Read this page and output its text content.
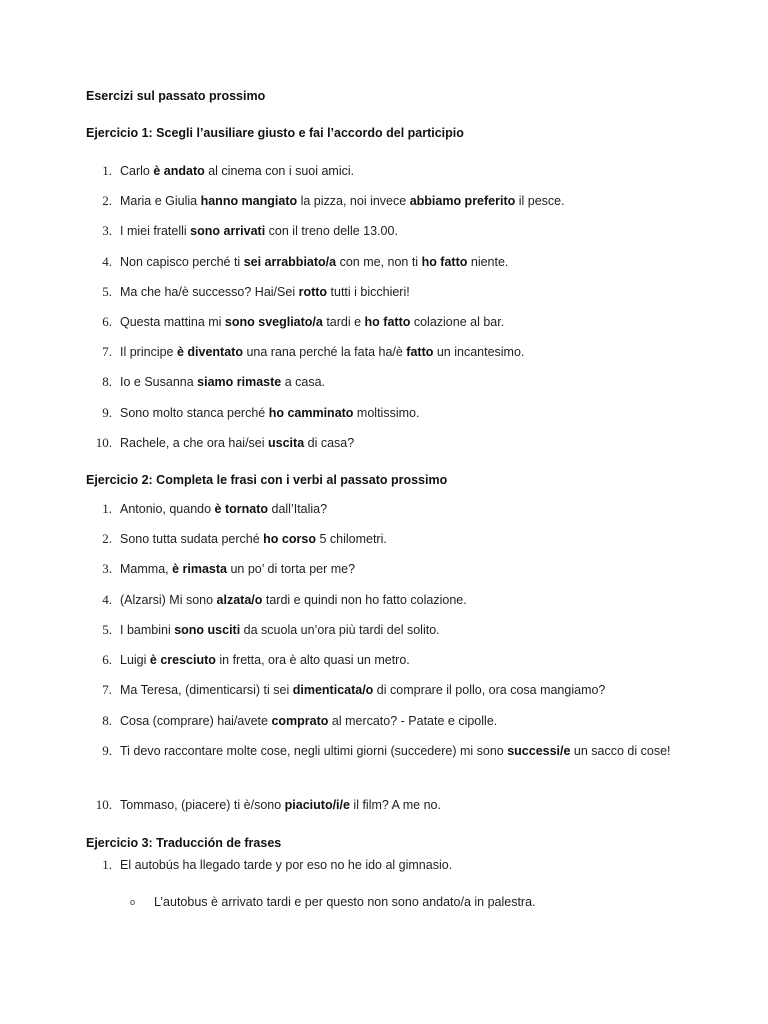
Esercizi sul passato prossimo
Ejercicio 1: Scegli l’ausiliare giusto e fai l’accordo del participio
1. Carlo è andato al cinema con i suoi amici.
2. Maria e Giulia hanno mangiato la pizza, noi invece abbiamo preferito il pesce.
3. I miei fratelli sono arrivati con il treno delle 13.00.
4. Non capisco perché ti sei arrabbiato/a con me, non ti ho fatto niente.
5. Ma che ha/è successo? Hai/Sei rotto tutti i bicchieri!
6. Questa mattina mi sono svegliato/a tardi e ho fatto colazione al bar.
7. Il principe è diventato una rana perché la fata ha/è fatto un incantesimo.
8. Io e Susanna siamo rimaste a casa.
9. Sono molto stanca perché ho camminato moltissimo.
10. Rachele, a che ora hai/sei uscita di casa?
Ejercicio 2: Completa le frasi con i verbi al passato prossimo
1. Antonio, quando è tornato dall’Italia?
2. Sono tutta sudata perché ho corso 5 chilometri.
3. Mamma, è rimasta un po’ di torta per me?
4. (Alzarsi) Mi sono alzata/o tardi e quindi non ho fatto colazione.
5. I bambini sono usciti da scuola un’ora più tardi del solito.
6. Luigi è cresciuto in fretta, ora è alto quasi un metro.
7. Ma Teresa, (dimenticarsi) ti sei dimenticata/o di comprare il pollo, ora cosa mangiamo?
8. Cosa (comprare) hai/avete comprato al mercato? - Patate e cipolle.
9. Ti devo raccontare molte cose, negli ultimi giorni (succedere) mi sono successi/e un sacco di cose!
10. Tommaso, (piacere) ti è/sono piaciuto/i/e il film? A me no.
Ejercicio 3: Traducción de frases
1. El autobús ha llegado tarde y por eso no he ido al gimnasio.
o L’autobus è arrivato tardi e per questo non sono andato/a in palestra.
